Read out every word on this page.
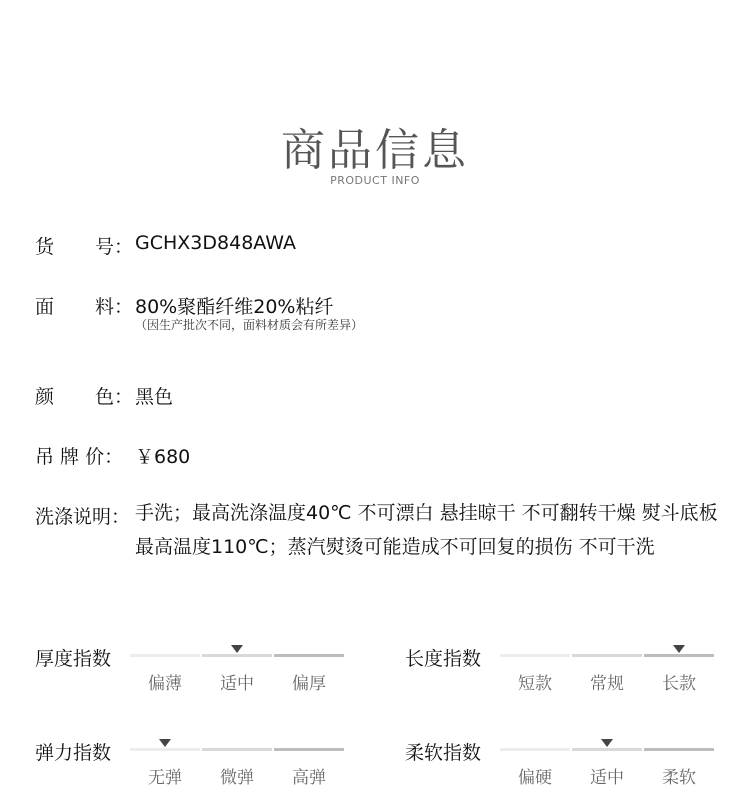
商品信息
PRODUCT INFO
货 号： GCHX3D848AWA
面 料： 80%聚酯纤维20%粘纤
（因生产批次不同，面料材质会有所差异）
颜 色： 黑色
吊 牌 价： ￥680
洗涤说明： 手洗；最高洗涤温度40℃ 不可漂白 悬挂晾干 不可翻转干燥 熨斗底板最高温度110℃；蒸汽熨烫可能造成不可回复的损伤 不可干洗
厚度指数
偏薄	适中	偏厚
长度指数
短款	常规	长款
弹力指数
无弹	微弹	高弹
柔软指数
偏硬	适中	柔软
